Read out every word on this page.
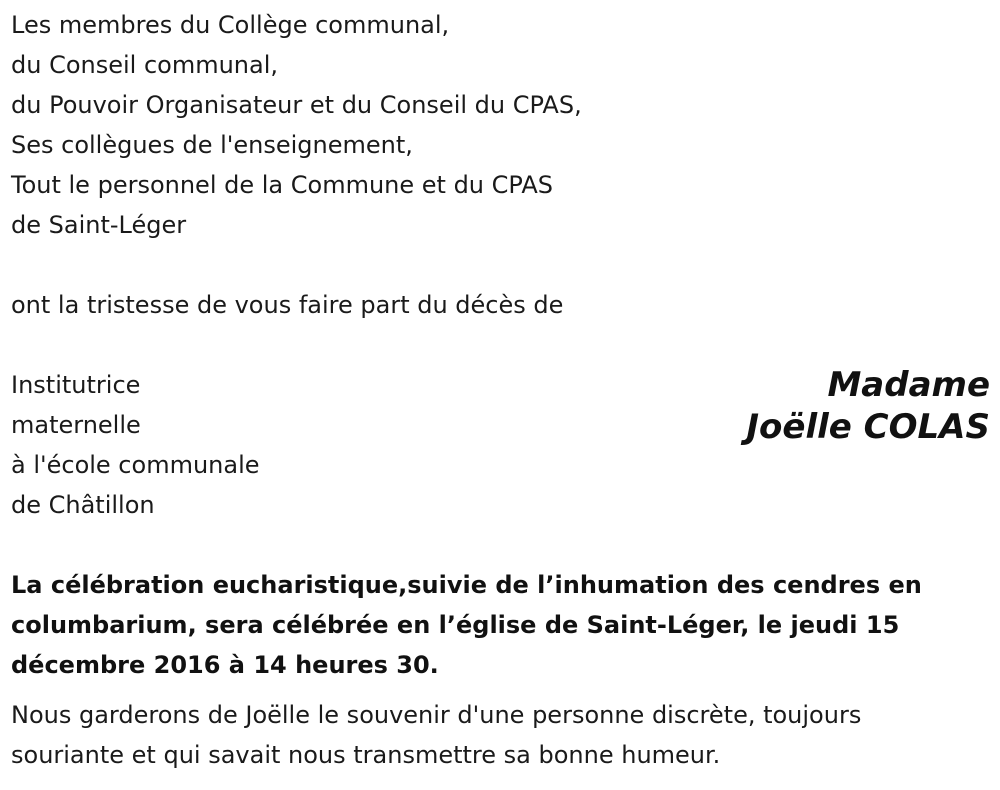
Les membres du Collège communal,
du Conseil communal,
du Pouvoir Organisateur et du Conseil du CPAS,
Ses collègues de l'enseignement,
Tout le personnel de la Commune et du CPAS
de Saint-Léger
ont la tristesse de vous faire part du décès de
Institutrice
maternelle
à l'école communale
de Châtillon
Madame
Joëlle COLAS
La célébration eucharistique,suivie de l’inhumation des cendres en
columbarium, sera célébrée en l’église de Saint-Léger, le jeudi 15
décembre 2016 à 14 heures 30.
Nous garderons de Joëlle le souvenir d'une personne discrète, toujours
souriante et qui savait nous transmettre sa bonne humeur.
